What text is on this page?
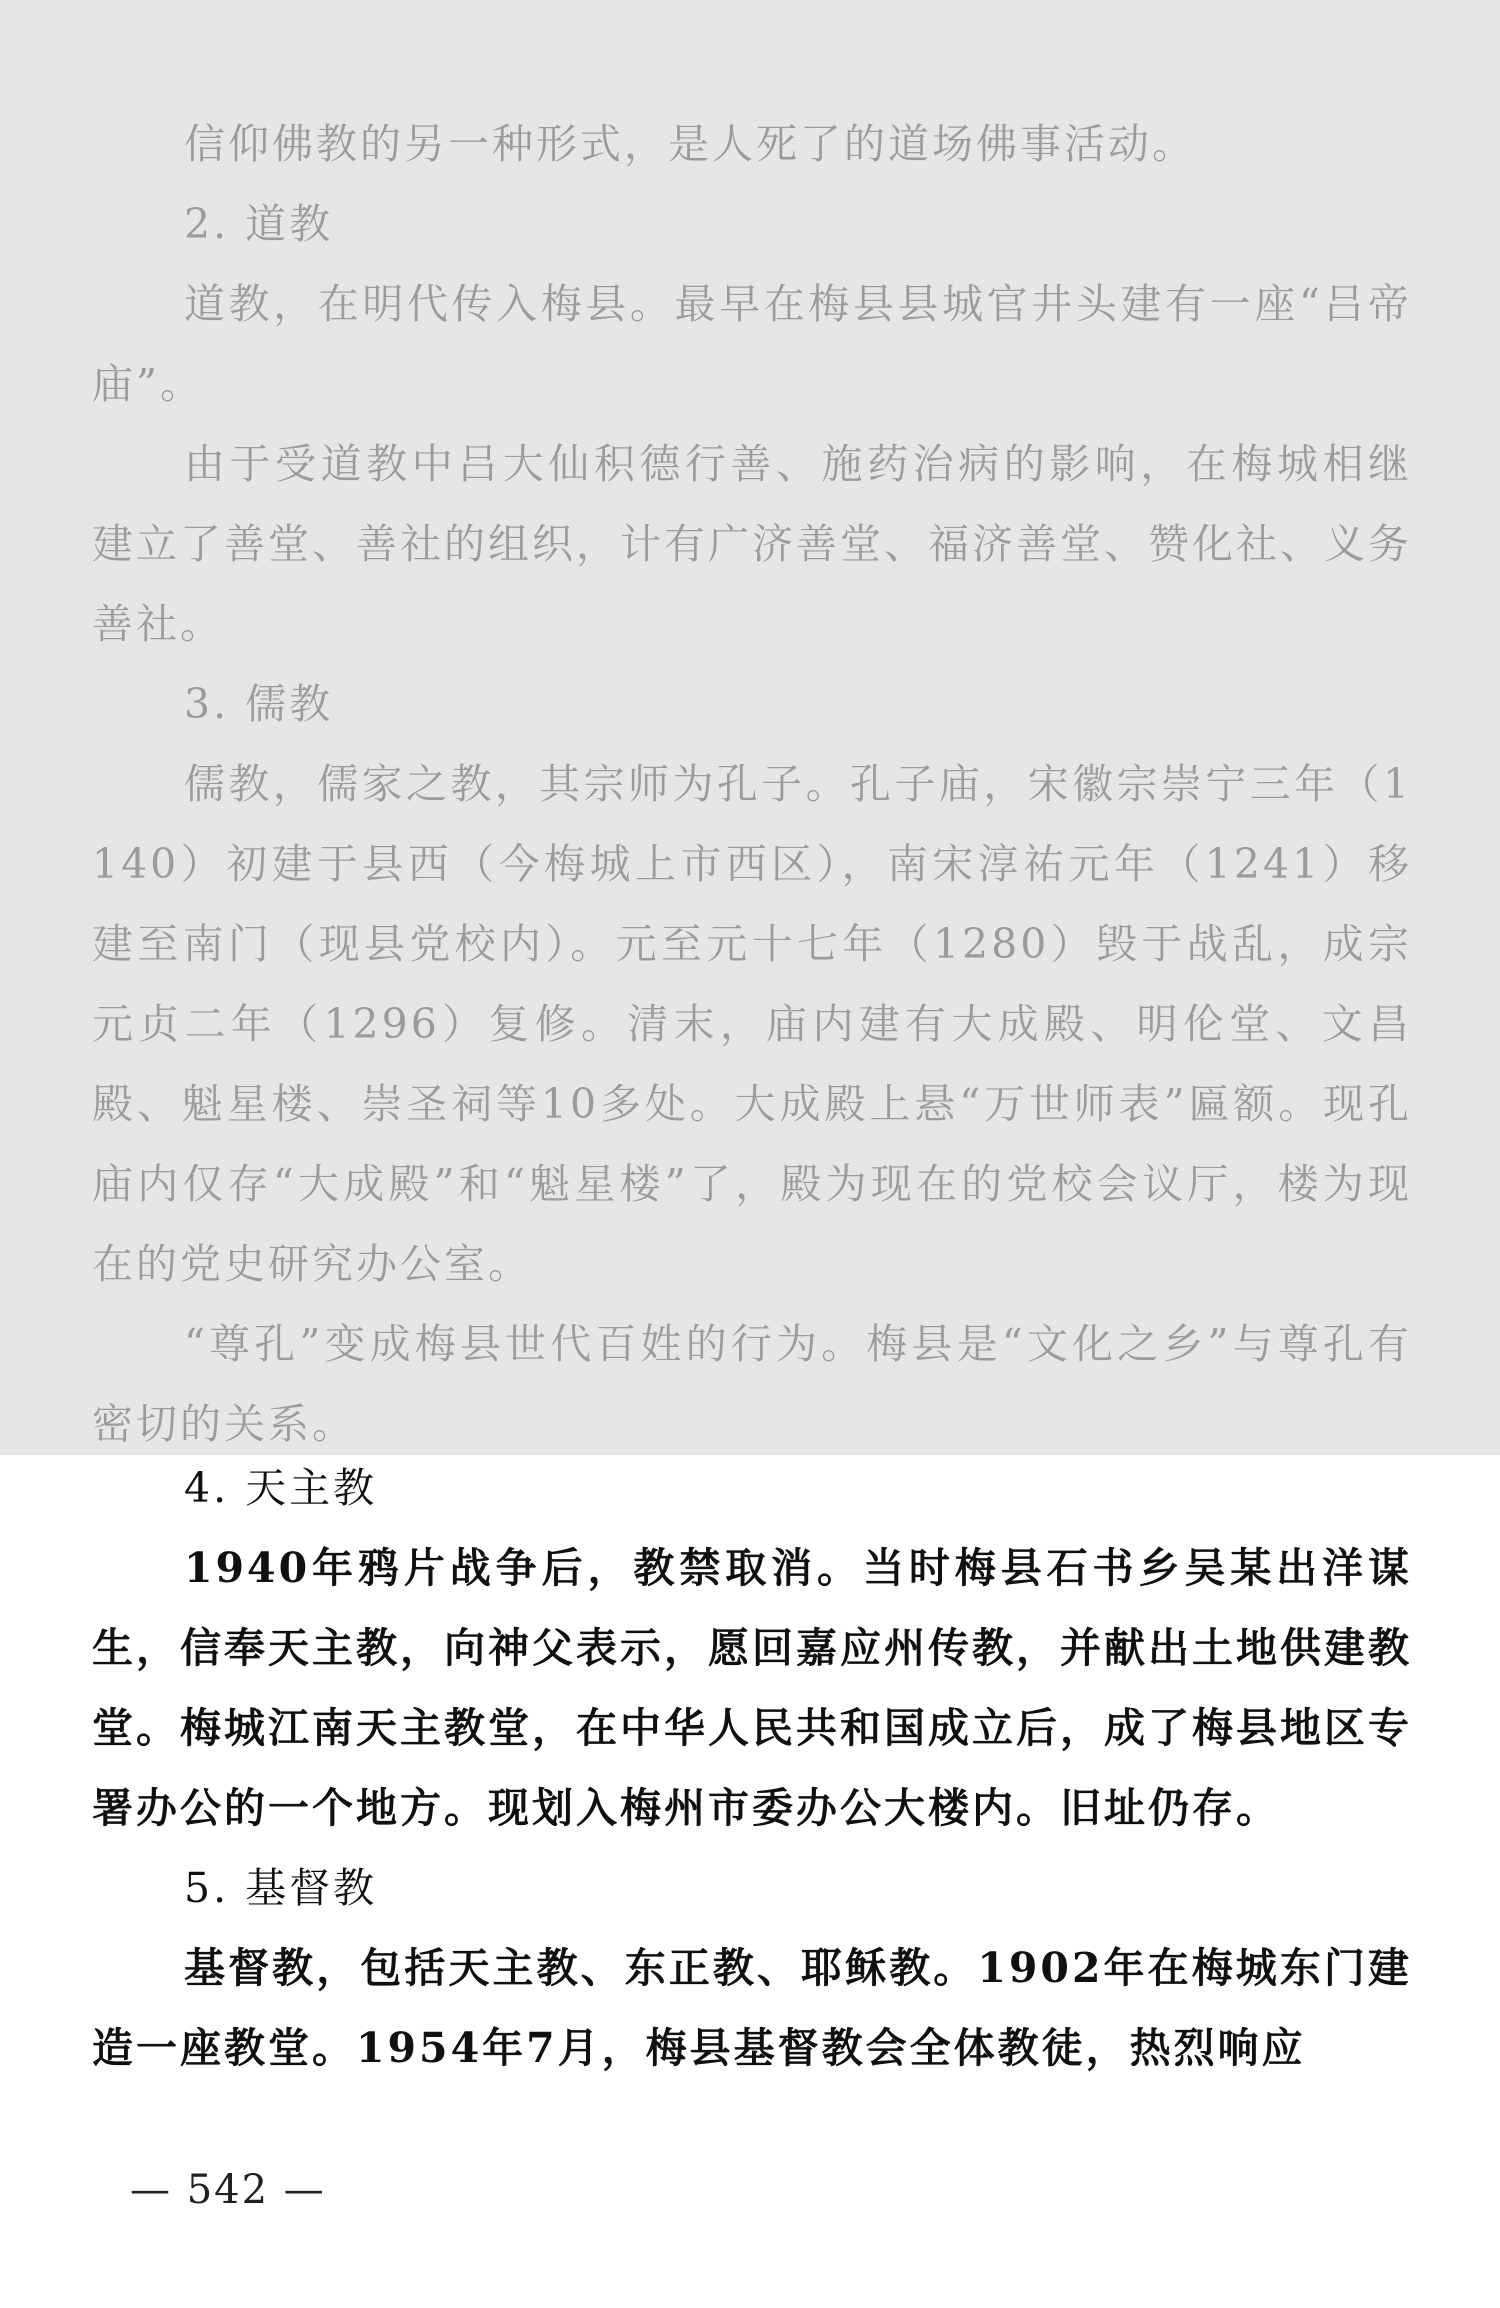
信仰佛教的另一种形式，是人死了的道场佛事活动。

2. 道教

道教，在明代传入梅县。最早在梅县县城官井头建有一座“吕帝庙”。

由于受道教中吕大仙积德行善、施药治病的影响，在梅城相继建立了善堂、善社的组织，计有广济善堂、福济善堂、赞化社、义务善社。

3. 儒教

儒教，儒家之教，其宗师为孔子。孔子庙，宋徽宗崇宁三年（1140）初建于县西（今梅城上市西区），南宋淳祐元年（1241）移建至南门（现县党校内）。元至元十七年（1280）毁于战乱，成宗元贞二年（1296）复修。清末，庙内建有大成殿、明伦堂、文昌殿、魁星楼、崇圣祠等10多处。大成殿上悬“万世师表”匾额。现孔庙内仅存“大成殿”和“魁星楼”了，殿为现在的党校会议厅，楼为现在的党史研究办公室。

“尊孔”变成梅县世代百姓的行为。梅县是“文化之乡”与尊孔有密切的关系。

4. 天主教

1940年鸦片战争后，教禁取消。当时梅县石书乡吴某出洋谋生，信奉天主教，向神父表示，愿回嘉应州传教，并献出土地供建教堂。梅城江南天主教堂，在中华人民共和国成立后，成了梅县地区专署办公的一个地方。现划入梅州市委办公大楼内。旧址仍存。

5. 基督教

基督教，包括天主教、东正教、耶稣教。1902年在梅城东门建造一座教堂。1954年7月，梅县基督教会全体教徒，热烈响应

— 542 —
